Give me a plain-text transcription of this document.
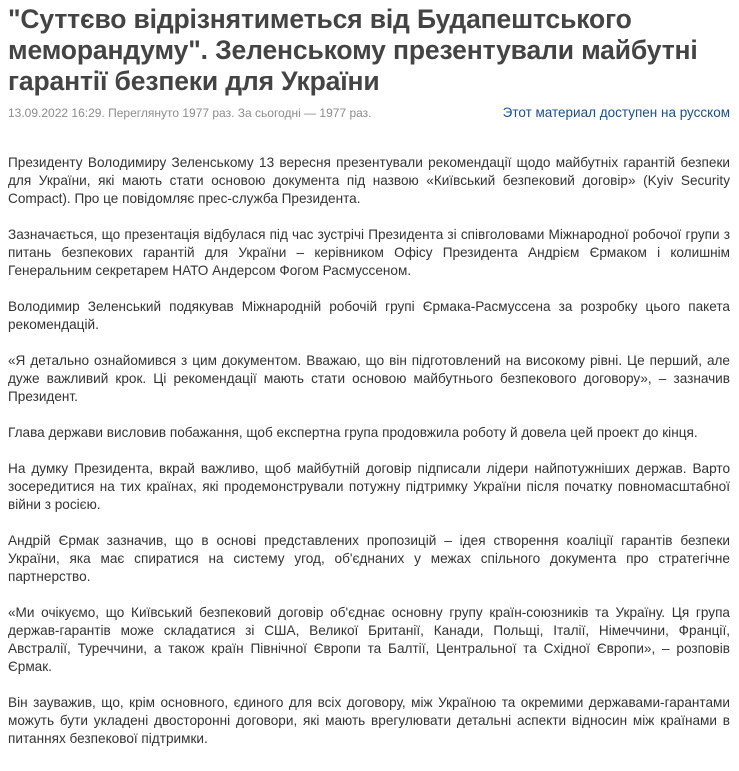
"Суттєво відрізнятиметься від Будапештського меморандуму". Зеленському презентували майбутні гарантії безпеки для України
13.09.2022 16:29. Переглянуто 1977 раз. За сьогодні — 1977 раз.	Этот материал доступен на русском

Президенту Володимиру Зеленському 13 вересня презентували рекомендації щодо майбутніх гарантій безпеки для України, які мають стати основою документа під назвою «Київський безпековий договір» (Kyiv Security Compact). Про це повідомляє прес-служба Президента.

Зазначається, що презентація відбулася під час зустрічі Президента зі співголовами Міжнародної робочої групи з питань безпекових гарантій для України – керівником Офісу Президента Андрієм Єрмаком і колишнім Генеральним секретарем НАТО Андерсом Фогом Расмуссеном.

Володимир Зеленський подякував Міжнародній робочій групі Єрмака-Расмуссена за розробку цього пакета рекомендацій.

«Я детально ознайомився з цим документом. Вважаю, що він підготовлений на високому рівні. Це перший, але дуже важливий крок. Ці рекомендації мають стати основою майбутнього безпекового договору», – зазначив Президент.

Глава держави висловив побажання, щоб експертна група продовжила роботу й довела цей проект до кінця.

На думку Президента, вкрай важливо, щоб майбутній договір підписали лідери найпотужніших держав. Варто зосередитися на тих країнах, які продемонстрували потужну підтримку України після початку повномасштабної війни з росією.

Андрій Єрмак зазначив, що в основі представлених пропозицій – ідея створення коаліції гарантів безпеки України, яка має спиратися на систему угод, об'єднаних у межах спільного документа про стратегічне партнерство.

«Ми очікуємо, що Київський безпековий договір об'єднає основну групу країн-союзників та Україну. Ця група держав-гарантів може складатися зі США, Великої Британії, Канади, Польщі, Італії, Німеччини, Франції, Австралії, Туреччини, а також країн Північної Європи та Балтії, Центральної та Східної Європи», – розповів Єрмак.

Він зауважив, що, крім основного, єдиного для всіх договору, між Україною та окремими державами-гарантами можуть бути укладені двосторонні договори, які мають врегулювати детальні аспекти відносин між країнами в питаннях безпекової підтримки.
